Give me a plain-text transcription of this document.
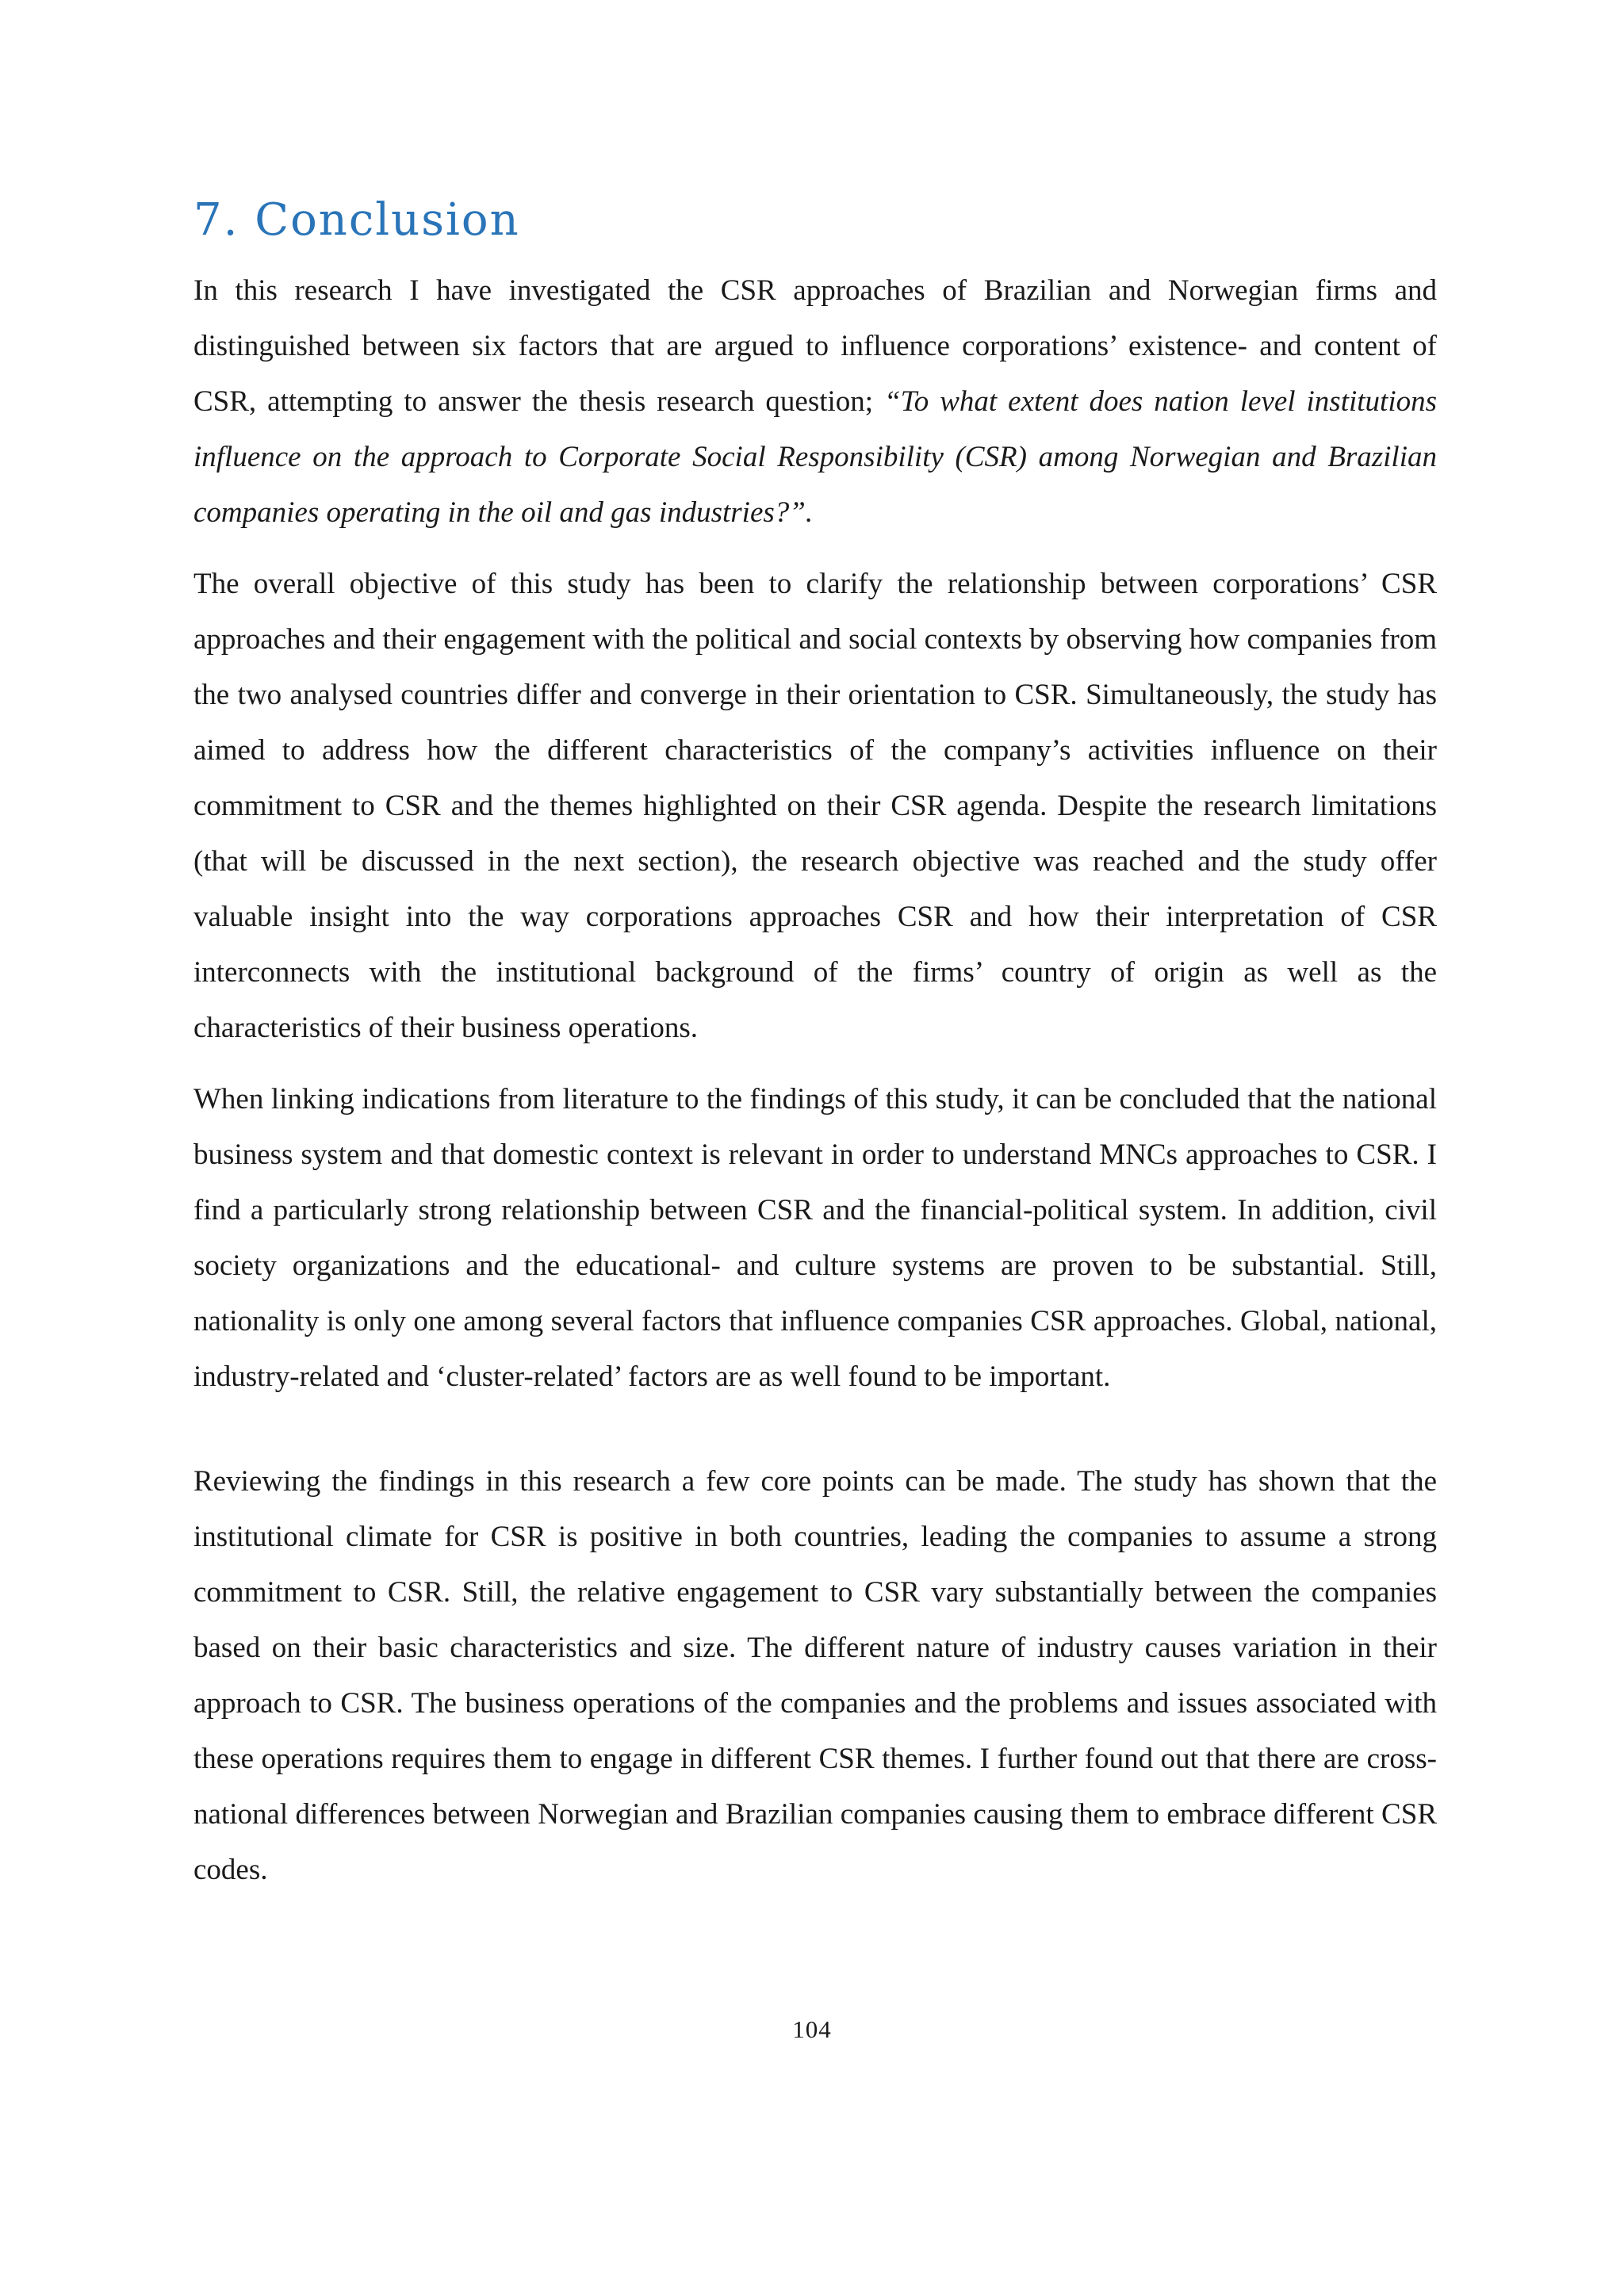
7. Conclusion

In this research I have investigated the CSR approaches of Brazilian and Norwegian firms and distinguished between six factors that are argued to influence corporations’ existence- and content of CSR, attempting to answer the thesis research question; “To what extent does nation level institutions influence on the approach to Corporate Social Responsibility (CSR) among Norwegian and Brazilian companies operating in the oil and gas industries?”.

The overall objective of this study has been to clarify the relationship between corporations’ CSR approaches and their engagement with the political and social contexts by observing how companies from the two analysed countries differ and converge in their orientation to CSR. Simultaneously, the study has aimed to address how the different characteristics of the company’s activities influence on their commitment to CSR and the themes highlighted on their CSR agenda. Despite the research limitations (that will be discussed in the next section), the research objective was reached and the study offer valuable insight into the way corporations approaches CSR and how their interpretation of CSR interconnects with the institutional background of the firms’ country of origin as well as the characteristics of their business operations.

When linking indications from literature to the findings of this study, it can be concluded that the national business system and that domestic context is relevant in order to understand MNCs approaches to CSR. I find a particularly strong relationship between CSR and the financial-political system. In addition, civil society organizations and the educational- and culture systems are proven to be substantial. Still, nationality is only one among several factors that influence companies CSR approaches. Global, national, industry-related and ‘cluster-related’ factors are as well found to be important.

Reviewing the findings in this research a few core points can be made. The study has shown that the institutional climate for CSR is positive in both countries, leading the companies to assume a strong commitment to CSR. Still, the relative engagement to CSR vary substantially between the companies based on their basic characteristics and size. The different nature of industry causes variation in their approach to CSR. The business operations of the companies and the problems and issues associated with these operations requires them to engage in different CSR themes. I further found out that there are cross-national differences between Norwegian and Brazilian companies causing them to embrace different CSR codes.

104
